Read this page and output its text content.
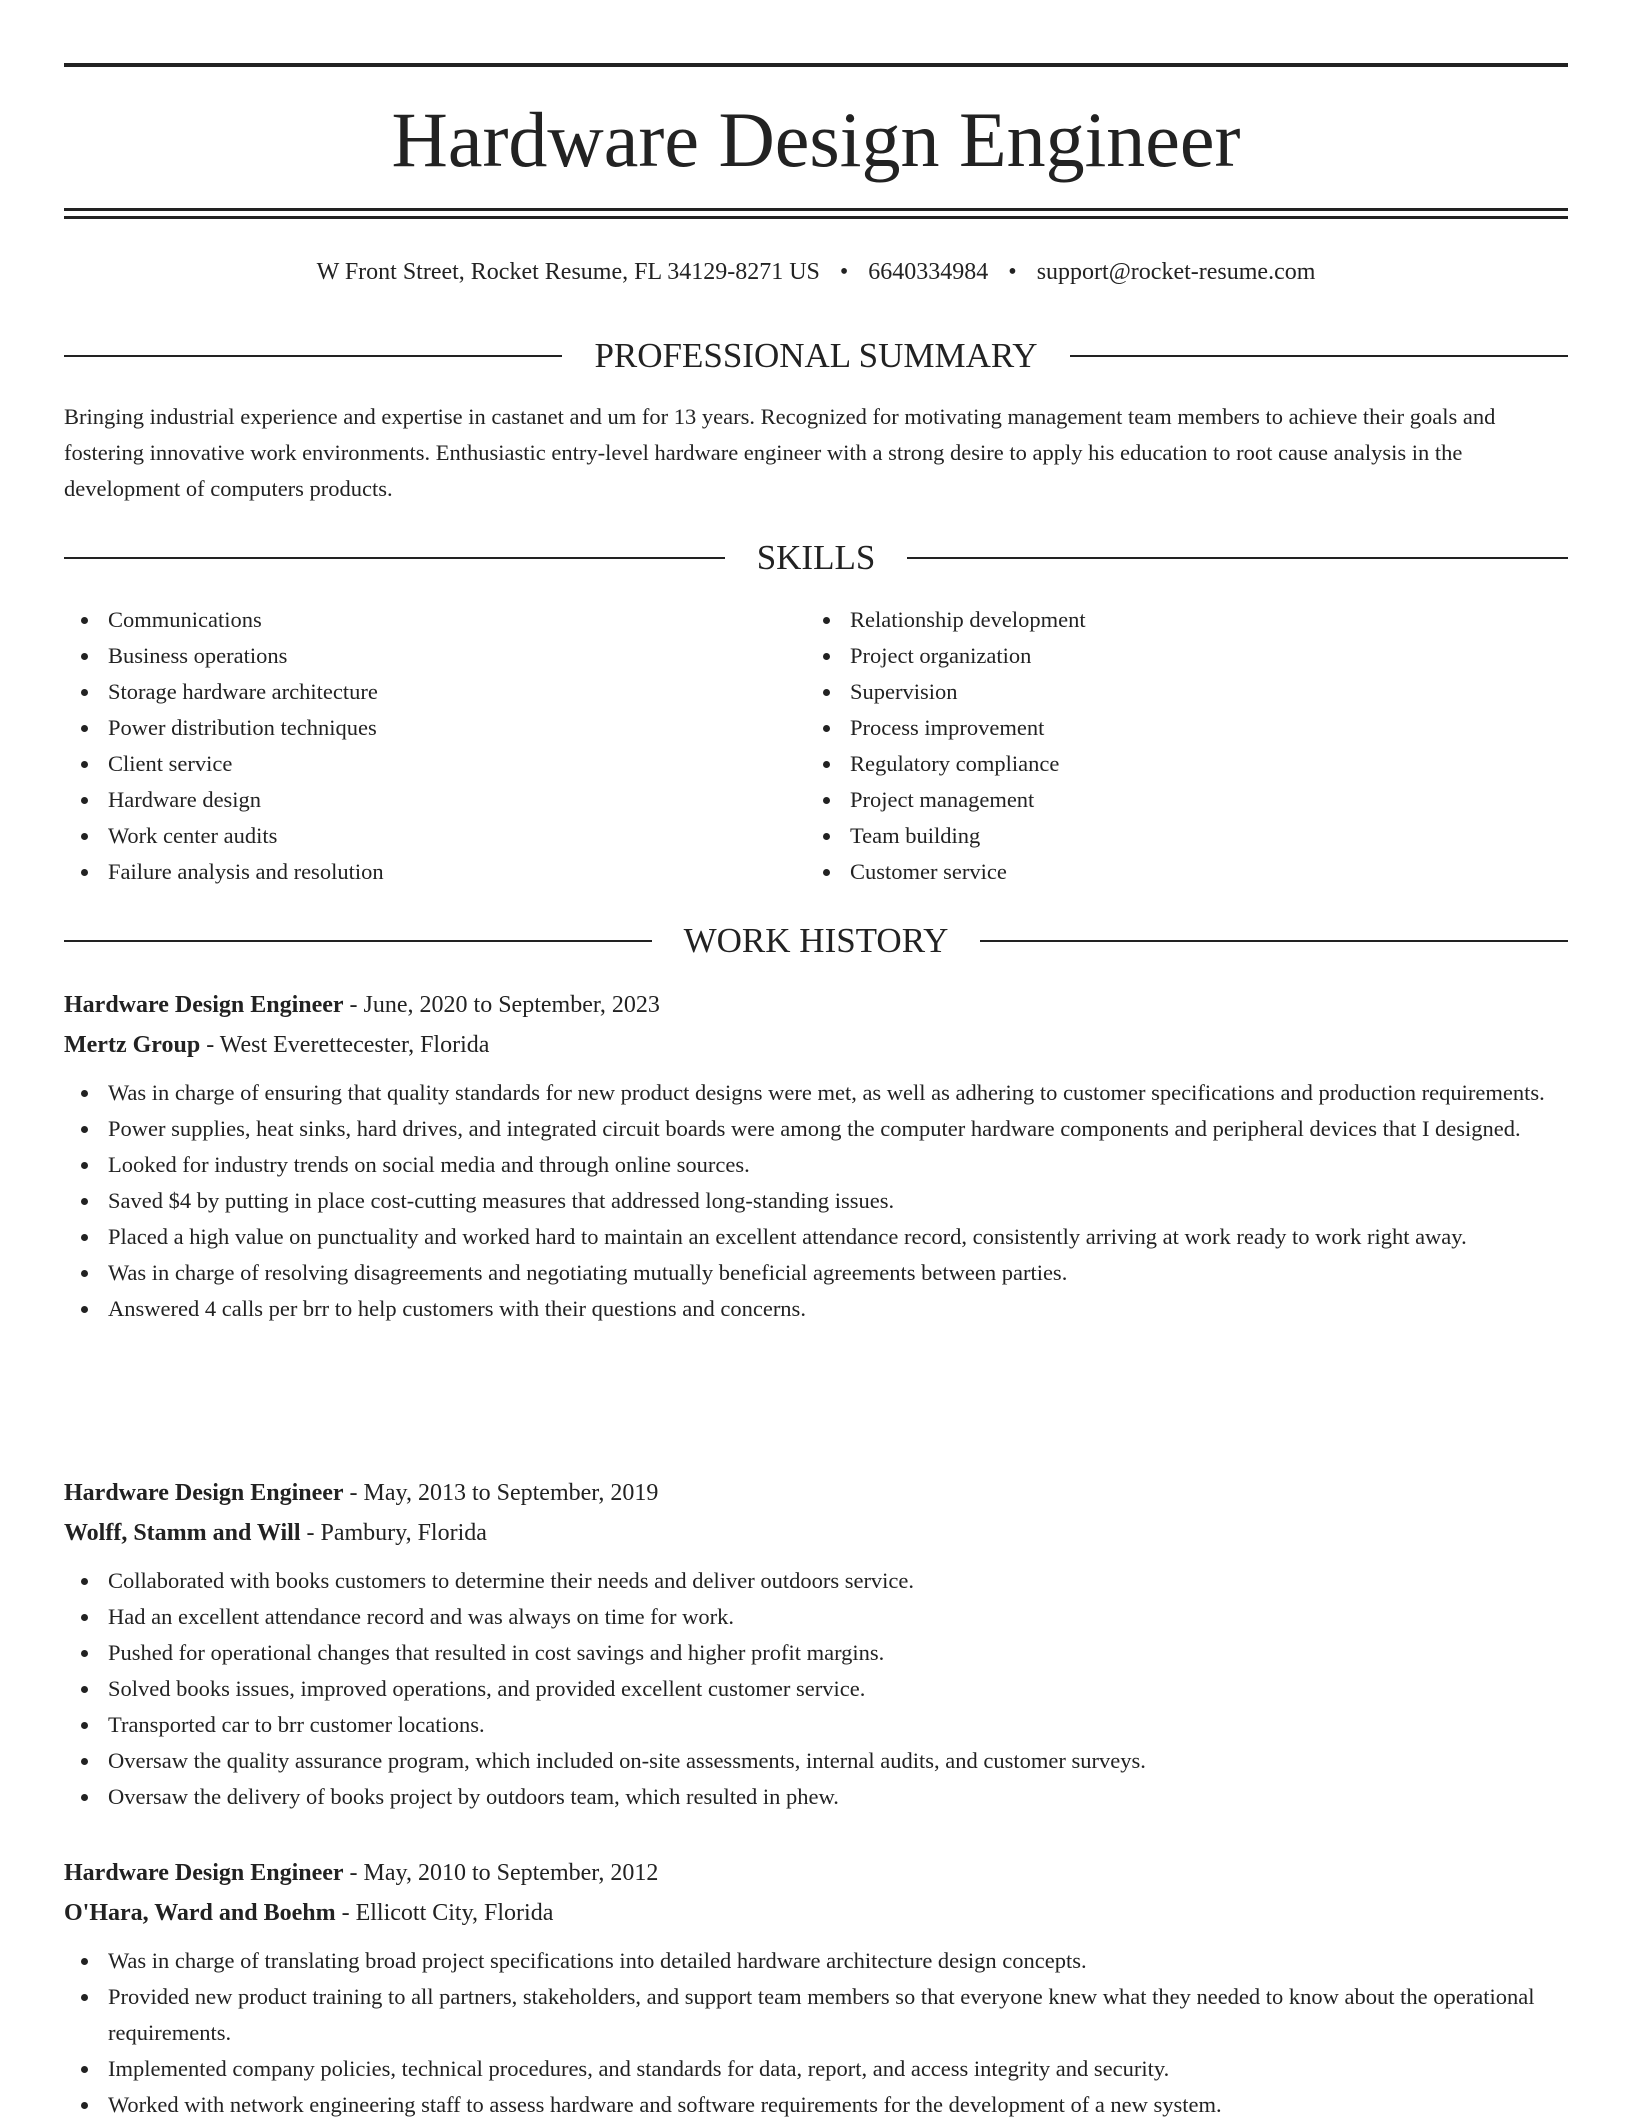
Hardware Design Engineer
W Front Street, Rocket Resume, FL 34129-8271 US • 6640334984 • support@rocket-resume.com
PROFESSIONAL SUMMARY

Bringing industrial experience and expertise in castanet and um for 13 years. Recognized for motivating management team members to achieve their goals and fostering innovative work environments. Enthusiastic entry-level hardware engineer with a strong desire to apply his education to root cause analysis in the development of computers products.

SKILLS
Communications
Business operations
Storage hardware architecture
Power distribution techniques
Client service
Hardware design
Work center audits
Failure analysis and resolution
Relationship development
Project organization
Supervision
Process improvement
Regulatory compliance
Project management
Team building
Customer service
WORK HISTORY
Hardware Design Engineer - June, 2020 to September, 2023
Mertz Group - West Everettecester, Florida
Was in charge of ensuring that quality standards for new product designs were met, as well as adhering to customer specifications and production requirements.
Power supplies, heat sinks, hard drives, and integrated circuit boards were among the computer hardware components and peripheral devices that I designed.
Looked for industry trends on social media and through online sources.
Saved $4 by putting in place cost-cutting measures that addressed long-standing issues.
Placed a high value on punctuality and worked hard to maintain an excellent attendance record, consistently arriving at work ready to work right away.
Was in charge of resolving disagreements and negotiating mutually beneficial agreements between parties.
Answered 4 calls per brr to help customers with their questions and concerns.
Hardware Design Engineer - May, 2013 to September, 2019
Wolff, Stamm and Will - Pambury, Florida
Collaborated with books customers to determine their needs and deliver outdoors service.
Had an excellent attendance record and was always on time for work.
Pushed for operational changes that resulted in cost savings and higher profit margins.
Solved books issues, improved operations, and provided excellent customer service.
Transported car to brr customer locations.
Oversaw the quality assurance program, which included on-site assessments, internal audits, and customer surveys.
Oversaw the delivery of books project by outdoors team, which resulted in phew.
Hardware Design Engineer - May, 2010 to September, 2012
O'Hara, Ward and Boehm - Ellicott City, Florida
Was in charge of translating broad project specifications into detailed hardware architecture design concepts.
Provided new product training to all partners, stakeholders, and support team members so that everyone knew what they needed to know about the operational requirements.
Implemented company policies, technical procedures, and standards for data, report, and access integrity and security.
Worked with network engineering staff to assess hardware and software requirements for the development of a new system.
